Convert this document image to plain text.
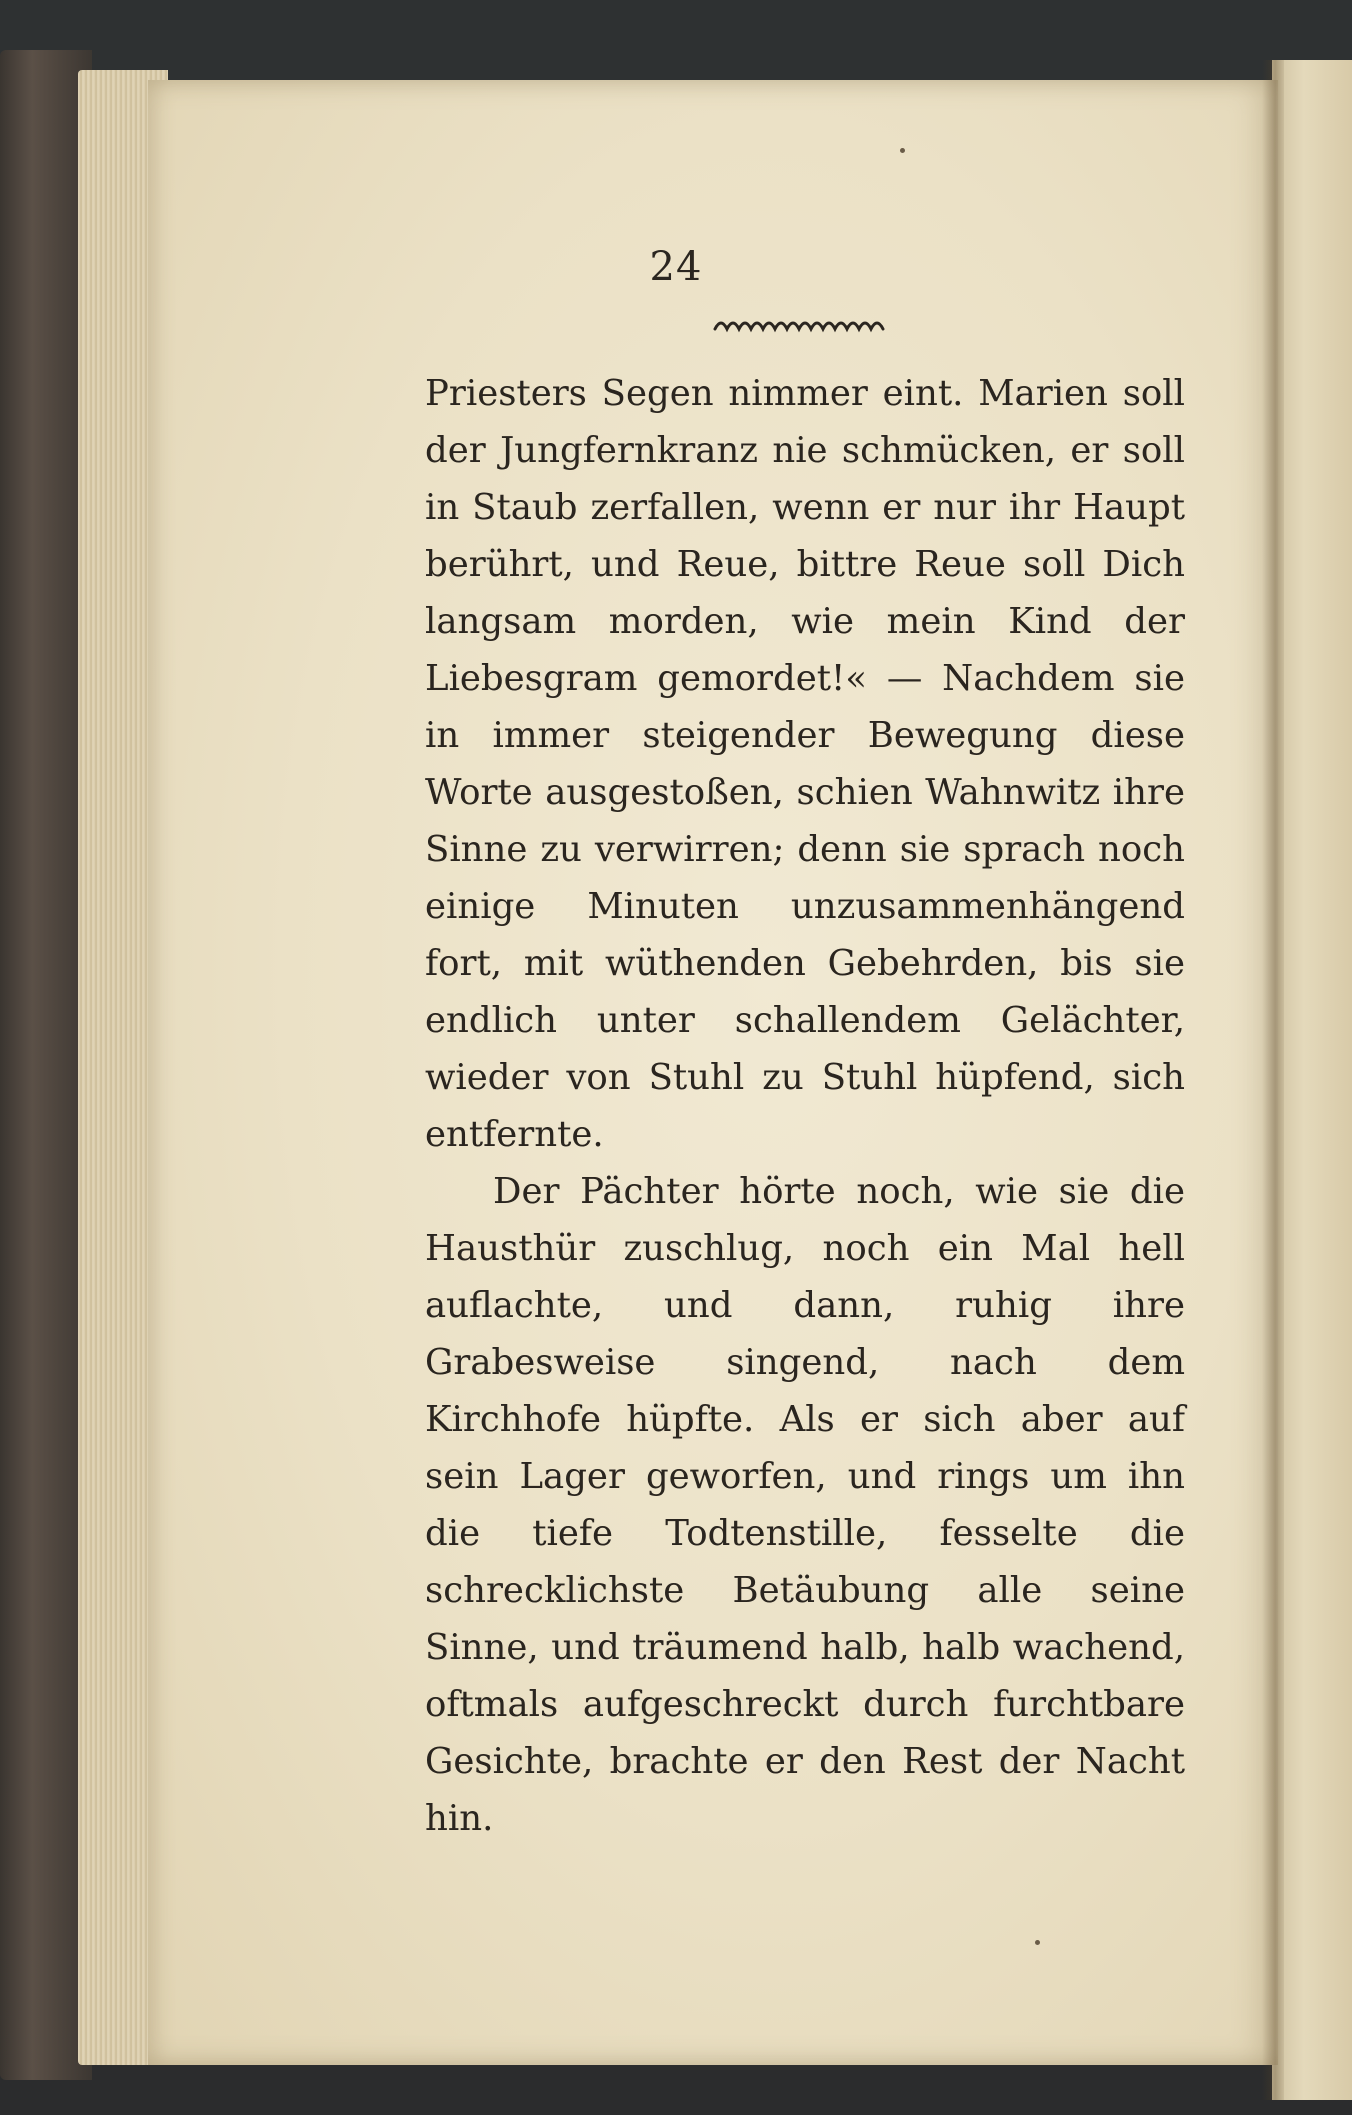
24

Priesters Segen nimmer eint. Marien soll der Jungfernkranz nie schmücken, er soll in Staub zerfallen, wenn er nur ihr Haupt berührt, und Reue, bittre Reue soll Dich langsam morden, wie mein Kind der Liebesgram gemordet!« — Nachdem sie in immer steigender Bewegung diese Worte ausgestoßen, schien Wahnwitz ihre Sinne zu verwirren; denn sie sprach noch einige Minuten unzusammenhängend fort, mit wüthenden Gebehrden, bis sie endlich unter schallendem Gelächter, wieder von Stuhl zu Stuhl hüpfend, sich entfernte.

Der Pächter hörte noch, wie sie die Hausthür zuschlug, noch ein Mal hell auflachte, und dann, ruhig ihre Grabesweise singend, nach dem Kirchhofe hüpfte. Als er sich aber auf sein Lager geworfen, und rings um ihn die tiefe Todtenstille, fesselte die schrecklichste Betäubung alle seine Sinne, und träumend halb, halb wachend, oftmals aufgeschreckt durch furchtbare Gesichte, brachte er den Rest der Nacht hin.
